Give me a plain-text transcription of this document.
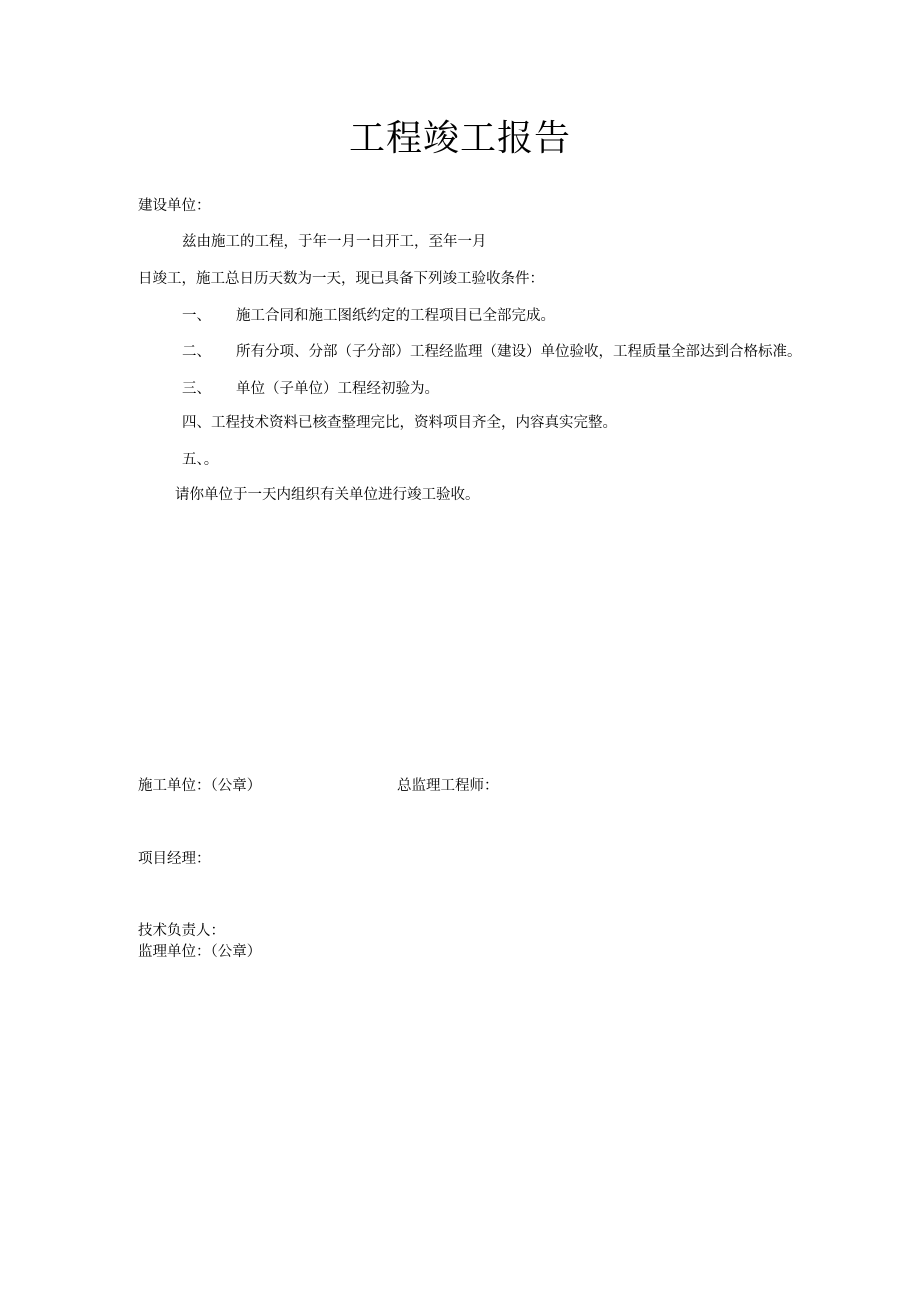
工程竣工报告
建设单位：
兹由施工的工程，于年一月一日开工，至年一月
日竣工，施工总日历天数为一天，现已具备下列竣工验收条件：
一、 施工合同和施工图纸约定的工程项目已全部完成。
二、 所有分项、分部（子分部）工程经监理（建设）单位验收，工程质量全部达到合格标准。
三、 单位（子单位）工程经初验为。
四、工程技术资料已核查整理完比，资料项目齐全，内容真实完整。
五、。
请你单位于一天内组织有关单位进行竣工验收。
施工单位：（公章）	总监理工程师：
项目经理：
技术负责人：
监理单位：（公章）
